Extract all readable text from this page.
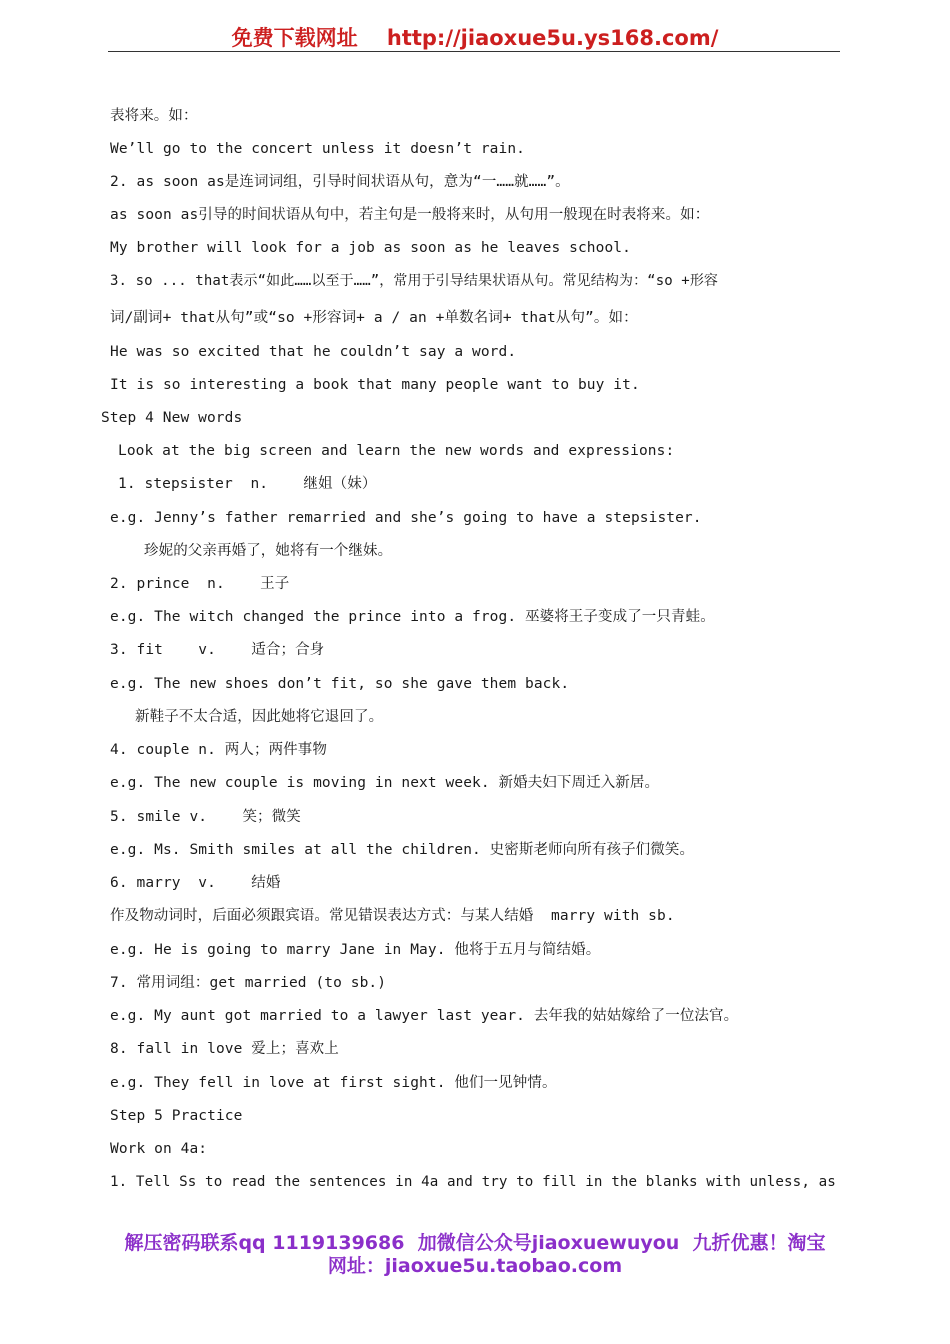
免费下载网址 http://jiaoxue5u.ys168.com/
表将来。如：
We’ll go to the concert unless it doesn’t rain.
2. as soon as是连词词组，引导时间状语从句，意为“一……就……”。
as soon as引导的时间状语从句中，若主句是一般将来时，从句用一般现在时表将来。如：
My brother will look for a job as soon as he leaves school.
3. so ... that表示“如此……以至于……”，常用于引导结果状语从句。常见结构为：“so +形容
词/副词+ that从句”或“so +形容词+ a / an +单数名词+ that从句”。如：
He was so excited that he couldn’t say a word.
It is so interesting a book that many people want to buy it.
Step 4 New words
Look at the big screen and learn the new words and expressions:
1. stepsister  n.    继姐（妹）
e.g. Jenny’s father remarried and she’s going to have a stepsister.
珍妮的父亲再婚了，她将有一个继妹。
2. prince  n.    王子
e.g. The witch changed the prince into a frog. 巫婆将王子变成了一只青蛙。
3. fit    v.    适合；合身
e.g. The new shoes don’t fit, so she gave them back.
新鞋子不太合适，因此她将它退回了。
4. couple n. 两人；两件事物
e.g. The new couple is moving in next week. 新婚夫妇下周迁入新居。
5. smile v.    笑；微笑
e.g. Ms. Smith smiles at all the children. 史密斯老师向所有孩子们微笑。
6. marry  v.    结婚
作及物动词时，后面必须跟宾语。常见错误表达方式：与某人结婚  marry with sb.
e.g. He is going to marry Jane in May. 他将于五月与简结婚。
7. 常用词组：get married (to sb.)
e.g. My aunt got married to a lawyer last year. 去年我的姑姑嫁给了一位法官。
8. fall in love 爱上；喜欢上
e.g. They fell in love at first sight. 他们一见钟情。
Step 5 Practice
Work on 4a:
1. Tell Ss to read the sentences in 4a and try to fill in the blanks with unless, as
解压密码联系qq 1119139686  加微信公众号jiaoxuewuyou  九折优惠！淘宝
网址：jiaoxue5u.taobao.com
